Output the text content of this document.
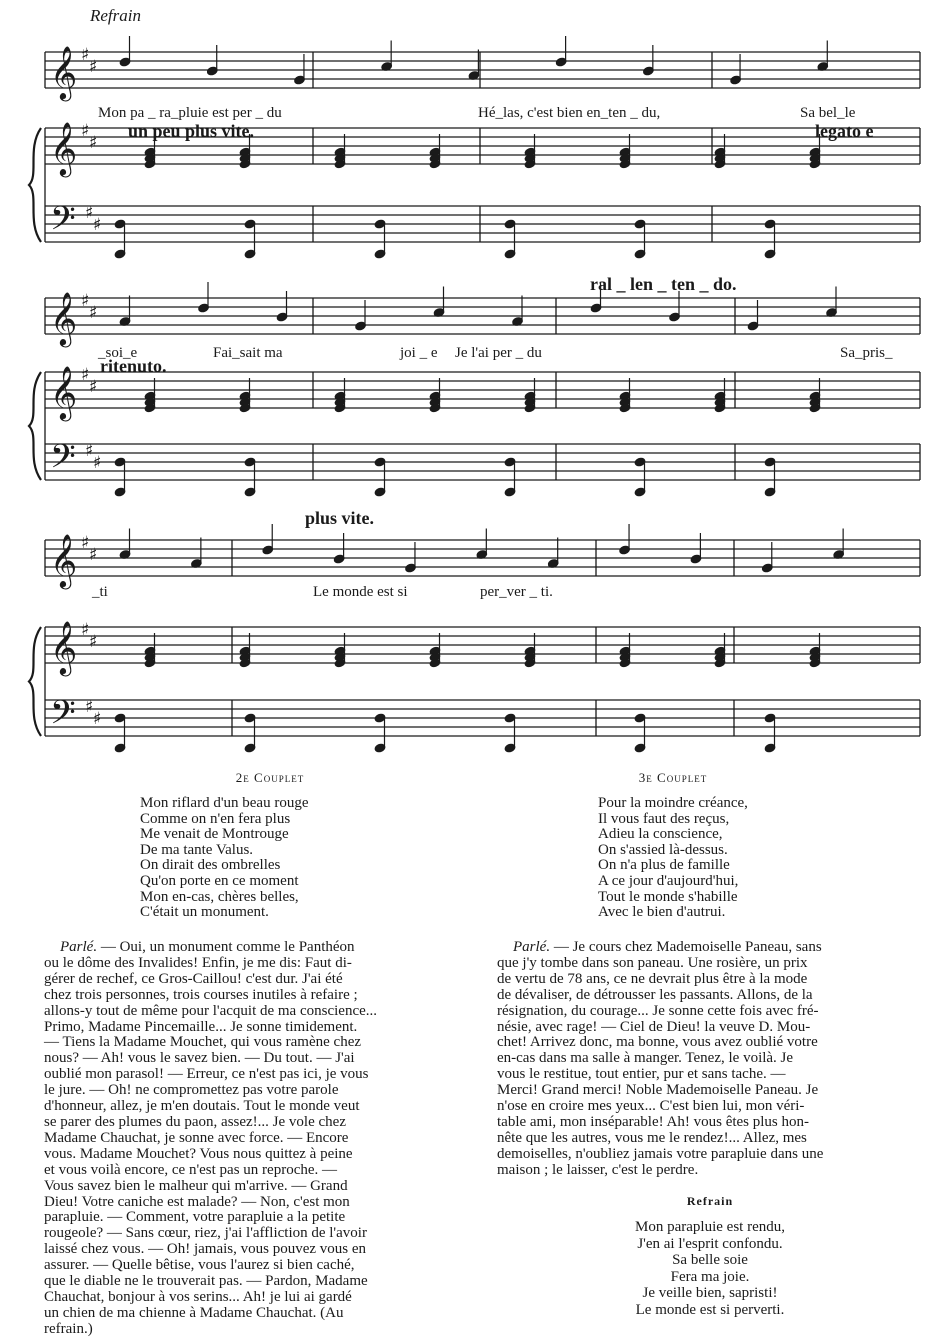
Refrain
𝄞 ♯
♯
𝄞 ♯
♯
𝄢 ♯
♯
𝄞 ♯
♯
𝄞 ♯
♯
𝄢 ♯
♯
𝄞 ♯
♯
𝄞 ♯
♯
𝄢 ♯
♯
Mon pa _ ra_pluie est per _ du	Hé_las, c'est bien en_ten _ du,	Sa bel_le
_soi_e	Fai_sait ma	joi _ e Je l'ai per _ du	Sa_pris_
_ti	Le monde est si	per_ver _ ti.
un peu plus vite.	legato e
ritenuto.
ral _ len _ ten _ do.
plus vite.
2e Couplet
Mon riflard d'un beau rouge
Comme on n'en fera plus
Me venait de Montrouge
De ma tante Valus.
On dirait des ombrelles
Qu'on porte en ce moment
Mon en-cas, chères belles,
C'était un monument.
3e Couplet
Pour la moindre créance,
Il vous faut des reçus,
Adieu la conscience,
On s'assied là-dessus.
On n'a plus de famille
A ce jour d'aujourd'hui,
Tout le monde s'habille
Avec le bien d'autrui.
Parlé. — Oui, un monument comme le Panthéon
ou le dôme des Invalides! Enfin, je me dis: Faut di-
gérer de rechef, ce Gros-Caillou! c'est dur. J'ai été
chez trois personnes, trois courses inutiles à refaire ;
allons-y tout de même pour l'acquit de ma conscience...
Primo, Madame Pincemaille... Je sonne timidement.
— Tiens la Madame Mouchet, qui vous ramène chez
nous? — Ah! vous le savez bien. — Du tout. — J'ai
oublié mon parasol! — Erreur, ce n'est pas ici, je vous
le jure. — Oh! ne compromettez pas votre parole
d'honneur, allez, je m'en doutais. Tout le monde veut
se parer des plumes du paon, assez!... Je vole chez
Madame Chauchat, je sonne avec force. — Encore
vous. Madame Mouchet? Vous nous quittez à peine
et vous voilà encore, ce n'est pas un reproche. —
Vous savez bien le malheur qui m'arrive. — Grand
Dieu! Votre caniche est malade? — Non, c'est mon
parapluie. — Comment, votre parapluie a la petite
rougeole? — Sans cœur, riez, j'ai l'affliction de l'avoir
laissé chez vous. — Oh! jamais, vous pouvez vous en
assurer. — Quelle bêtise, vous l'aurez si bien caché,
que le diable ne le trouverait pas. — Pardon, Madame
Chauchat, bonjour à vos serins... Ah! je lui ai gardé
un chien de ma chienne à Madame Chauchat. (Au
refrain.)
Parlé. — Je cours chez Mademoiselle Paneau, sans
que j'y tombe dans son paneau. Une rosière, un prix
de vertu de 78 ans, ce ne devrait plus être à la mode
de dévaliser, de détrousser les passants. Allons, de la
résignation, du courage... Je sonne cette fois avec fré-
nésie, avec rage! — Ciel de Dieu! la veuve D. Mou-
chet! Arrivez donc, ma bonne, vous avez oublié votre
en-cas dans ma salle à manger. Tenez, le voilà. Je
vous le restitue, tout entier, pur et sans tache. —
Merci! Grand merci! Noble Mademoiselle Paneau. Je
n'ose en croire mes yeux... C'est bien lui, mon véri-
table ami, mon inséparable! Ah! vous êtes plus hon-
nête que les autres, vous me le rendez!... Allez, mes
demoiselles, n'oubliez jamais votre parapluie dans une
maison ; le laisser, c'est le perdre.
Refrain
Mon parapluie est rendu,
J'en ai l'esprit confondu.
Sa belle soie
Fera ma joie.
Je veille bien, sapristi!
Le monde est si perverti.
